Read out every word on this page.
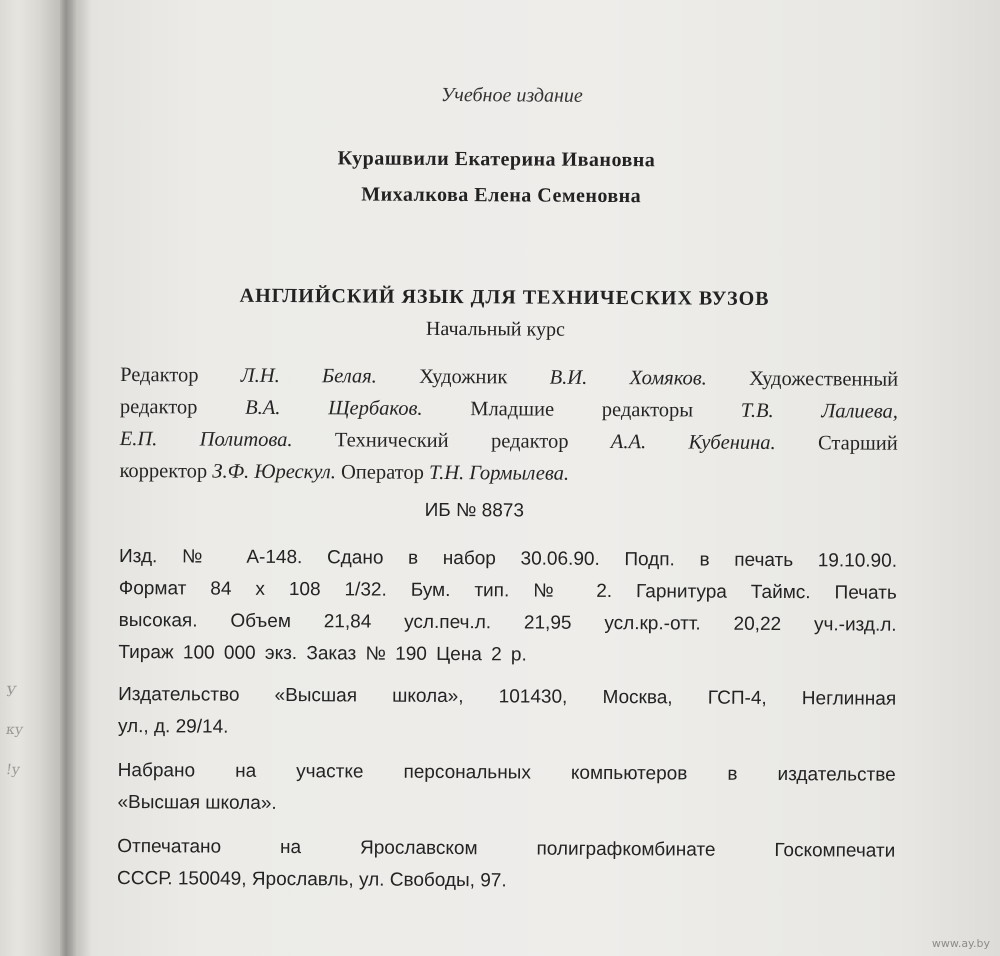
У
ку
!у
Учебное издание
Курашвили Екатерина Ивановна
Михалкова Елена Семеновна
АНГЛИЙСКИЙ ЯЗЫК ДЛЯ ТЕХНИЧЕСКИХ ВУЗОВ
Начальный курс
Редактор Л.Н. Белая. Художник В.И. Хомяков. Художественный
редактор В.А. Щербаков. Младшие редакторы Т.В. Лалиева,
Е.П. Политова. Технический редактор А.А. Кубенина. Старший
корректор З.Ф. Юрескул. Оператор Т.Н. Гормылева.
ИБ № 8873
Изд. № А-148. Сдано в набор 30.06.90. Подп. в печать 19.10.90.
Формат 84 х 108 1/32. Бум. тип. № 2. Гарнитура Таймс. Печать
высокая. Объем 21,84 усл.печ.л. 21,95 усл.кр.-отт. 20,22 уч.-изд.л.
Тираж 100 000 экз. Заказ № 190 Цена 2 р.
Издательство «Высшая школа», 101430, Москва, ГСП-4, Неглинная
ул., д. 29/14.
Набрано на участке персональных компьютеров в издательстве
«Высшая школа».
Отпечатано на Ярославском полиграфкомбинате Госкомпечати
СССР. 150049, Ярославль, ул. Свободы, 97.
www.ay.by
